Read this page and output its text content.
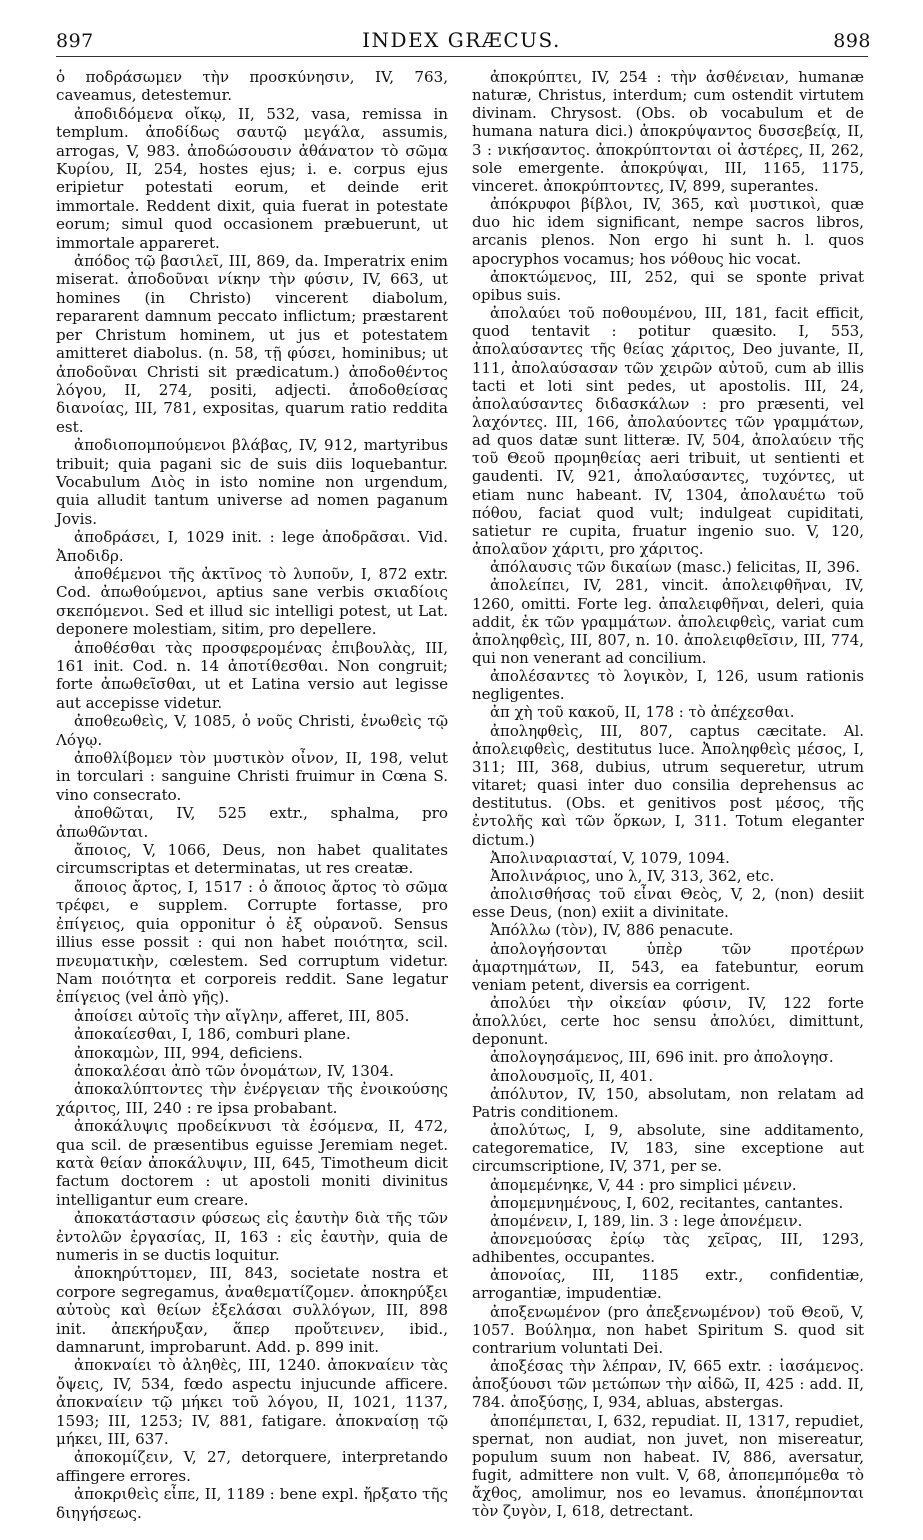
897	INDEX GRÆCUS.	898

ὁ ποδράσωμεν τὴν προσκύνησιν, IV, 763, caveamus, detestemur.

ἀποδιδόμενα οἴκῳ, II, 532, vasa, remissa in templum. ἀποδίδως σαυτῷ μεγάλα, assumis, arrogas, V, 983. ἀποδώσουσιν ἀθάνατον τὸ σῶμα Κυρίου, II, 254, hostes ejus; i. e. corpus ejus eripietur potestati eorum, et deinde erit immortale. Reddent dixit, quia fuerat in potestate eorum; simul quod occasionem præbuerunt, ut immortale appareret.

ἀπόδος τῷ βασιλεῖ, III, 869, da. Imperatrix enim miserat. ἀποδοῦναι νίκην τὴν φύσιν, IV, 663, ut homines (in Christo) vincerent diabolum, repararent damnum peccato inflictum; præstarent per Christum hominem, ut jus et potestatem amitteret diabolus. (n. 58, τῇ φύσει, hominibus; ut ἀποδοῦναι Christi sit prædicatum.) ἀποδοθέντος λόγου, II, 274, positi, adjecti. ἀποδοθείσας διανοίας, III, 781, expositas, quarum ratio reddita est.

ἀποδιοπομπούμενοι βλάβας, IV, 912, martyribus tribuit; quia pagani sic de suis diis loquebantur. Vocabulum Διὸς in isto nomine non urgendum, quia alludit tantum universe ad nomen paganum Jovis.

ἀποδράσει, I, 1029 init. : lege ἀποδρᾶσαι. Vid. Ἀποδιδρ.

ἀποθέμενοι τῆς ἀκτῖνος τὸ λυποῦν, I, 872 extr. Cod. ἀπωθούμενοι, aptius sane verbis σκιαδίοις σκεπόμενοι. Sed et illud sic intelligi potest, ut Lat. deponere molestiam, sitim, pro depellere.

ἀποθέσθαι τὰς προσφερομένας ἐπιβουλὰς, III, 161 init. Cod. n. 14 ἀποτίθεσθαι. Non congruit; forte ἀπωθεῖσθαι, ut et Latina versio aut legisse aut accepisse videtur.

ἀποθεωθεὶς, V, 1085, ὁ νοῦς Christi, ἑνωθεὶς τῷ Λόγῳ.

ἀποθλίβομεν τὸν μυστικὸν οἶνον, II, 198, velut in torculari : sanguine Christi fruimur in Cœna S. vino consecrato.

ἀποθῶται, IV, 525 extr., sphalma, pro ἀπωθῶνται.

ἄποιος, V, 1066, Deus, non habet qualitates circumscriptas et determinatas, ut res creatæ.

ἄποιος ἄρτος, I, 1517 : ὁ ἄποιος ἄρτος τὸ σῶμα τρέφει, e supplem. Corrupte fortasse, pro ἐπίγειος, quia opponitur ὁ ἐξ οὐρανοῦ. Sensus illius esse possit : qui non habet ποιότητα, scil. πνευματικὴν, cœlestem. Sed corruptum videtur. Nam ποιότητα et corporeis reddit. Sane legatur ἐπίγειος (vel ἀπὸ γῆς).

ἀποίσει αὐτοῖς τὴν αἴγλην, afferet, III, 805.

ἀποκαίεσθαι, I, 186, comburi plane.

ἀποκαμὼν, III, 994, deficiens.

ἀποκαλέσαι ἀπὸ τῶν ὀνομάτων, IV, 1304.

ἀποκαλύπτοντες τὴν ἐνέργειαν τῆς ἐνοικούσης χάριτος, III, 240 : re ipsa probabant.

ἀποκάλυψις προδείκνυσι τὰ ἐσόμενα, II, 472, qua scil. de præsentibus eguisse Jeremiam neget. κατὰ θείαν ἀποκάλυψιν, III, 645, Timotheum dicit factum doctorem : ut apostoli moniti divinitus intelligantur eum creare.

ἀποκατάστασιν φύσεως εἰς ἑαυτὴν διὰ τῆς τῶν ἐντολῶν ἐργασίας, II, 163 : εἰς ἑαυτὴν, quia de numeris in se ductis loquitur.

ἀποκηρύττομεν, III, 843, societate nostra et corpore segregamus, ἀναθεματίζομεν. ἀποκηρύξει αὐτοὺς καὶ θείων ἐξελάσαι συλλόγων, III, 898 init. ἀπεκήρυξαν, ἅπερ προὔτεινεν, ibid., damnarunt, improbarunt. Add. p. 899 init.

ἀποκναίει τὸ ἀληθὲς, III, 1240. ἀποκναίειν τὰς ὄψεις, IV, 534, fœdo aspectu injucunde afficere. ἀποκναίειν τῷ μήκει τοῦ λόγου, II, 1021, 1137, 1593; III, 1253; IV, 881, fatigare. ἀποκναίσῃ τῷ μήκει, III, 637.

ἀποκομίζειν, V, 27, detorquere, interpretando affingere errores.

ἀποκριθεὶς εἶπε, II, 1189 : bene expl. ἤρξατο τῆς διηγήσεως.

ἀποκρύπτει, IV, 254 : τὴν ἀσθένειαν, humanæ naturæ, Christus, interdum; cum ostendit virtutem divinam. Chrysost. (Obs. ob vocabulum et de humana natura dici.) ἀποκρύψαντος δυσσεβείᾳ, II, 3 : νικήσαντος. ἀποκρύπτονται οἱ ἀστέρες, II, 262, sole emergente. ἀποκρύψαι, III, 1165, 1175, vinceret. ἀποκρύπτοντες, IV, 899, superantes.

ἀπόκρυφοι βίβλοι, IV, 365, καὶ μυστικοὶ, quæ duo hic idem significant, nempe sacros libros, arcanis plenos. Non ergo hi sunt h. l. quos apocryphos vocamus; hos νόθους hic vocat.

ἀποκτώμενος, III, 252, qui se sponte privat opibus suis.

ἀπολαύει τοῦ ποθουμένου, III, 181, facit efficit, quod tentavit : potitur quæsito. I, 553, ἀπολαύσαντες τῆς θείας χάριτος, Deo juvante, II, 111, ἀπολαύσασαν τῶν χειρῶν αὐτοῦ, cum ab illis tacti et loti sint pedes, ut apostolis. III, 24, ἀπολαύσαντες διδασκάλων : pro præsenti, vel λαχόντες. III, 166, ἀπολαύοντες τῶν γραμμάτων, ad quos datæ sunt litteræ. IV, 504, ἀπολαύειν τῆς τοῦ Θεοῦ προμηθείας aeri tribuit, ut sentienti et gaudenti. IV, 921, ἀπολαύσαντες, τυχόντες, ut etiam nunc habeant. IV, 1304, ἀπολαυέτω τοῦ πόθου, faciat quod vult; indulgeat cupiditati, satietur re cupita, fruatur ingenio suo. V, 120, ἀπολαῦον χάριτι, pro χάριτος.

ἀπόλαυσις τῶν δικαίων (masc.) felicitas, II, 396.

ἀπολείπει, IV, 281, vincit. ἀπολειφθῆναι, IV, 1260, omitti. Forte leg. ἀπαλειφθῆναι, deleri, quia addit, ἐκ τῶν γραμμάτων. ἀπολειφθεὶς, variat cum ἀποληφθεὶς, III, 807, n. 10. ἀπολειφθεῖσιν, III, 774, qui non venerant ad concilium.

ἀπολέσαντες τὸ λογικὸν, I, 126, usum rationis negligentes.

ἀπ χὴ τοῦ κακοῦ, II, 178 : τὸ ἀπέχεσθαι.

ἀποληφθεὶς, III, 807, captus cæcitate. Al. ἀπολειφθεὶς, destitutus luce. Ἀποληφθεὶς μέσος, I, 311; III, 368, dubius, utrum sequeretur, utrum vitaret; quasi inter duo consilia deprehensus ac destitutus. (Obs. et genitivos post μέσος, τῆς ἐντολῆς καὶ τῶν ὅρκων, I, 311. Totum eleganter dictum.)

Ἀπολιναριασταί, V, 1079, 1094.

Ἀπολινάριος, uno λ, IV, 313, 362, etc.

ἀπολισθήσας τοῦ εἶναι Θεὸς, V, 2, (non) desiit esse Deus, (non) exiit a divinitate.

Ἀπόλλω (τὸν), IV, 886 penacute.

ἀπολογήσονται ὑπὲρ τῶν προτέρων ἁμαρτημάτων, II, 543, ea fatebuntur, eorum veniam petent, diversis ea corrigent.

ἀπολύει τὴν οἰκείαν φύσιν, IV, 122 forte ἀπολλύει, certe hoc sensu ἀπολύει, dimittunt, deponunt.

ἀπολογησάμενος, III, 696 init. pro ἀπολογησ.

ἀπολουσμοῖς, II, 401.

ἀπόλυτον, IV, 150, absolutam, non relatam ad Patris conditionem.

ἀπολύτως, I, 9, absolute, sine additamento, categorematice, IV, 183, sine exceptione aut circumscriptione, IV, 371, per se.

ἀπομεμένηκε, V, 44 : pro simplici μένειν.

ἀπομεμνημένους, I, 602, recitantes, cantantes.

ἀπομένειν, I, 189, lin. 3 : lege ἀπονέμειν.

ἀπονεμούσας ἐρίῳ τὰς χεῖρας, III, 1293, adhibentes, occupantes.

ἀπονοίας, III, 1185 extr., confidentiæ, arrogantiæ, impudentiæ.

ἀποξενωμένον (pro ἀπεξενωμένον) τοῦ Θεοῦ, V, 1057. Βούλημα, non habet Spiritum S. quod sit contrarium voluntati Dei.

ἀποξέσας τὴν λέπραν, IV, 665 extr. : ἰασάμενος. ἀποξύουσι τῶν μετώπων τὴν αἰδῶ, II, 425 : add. II, 784. ἀποξύσῃς, I, 934, abluas, abstergas.

ἀποπέμπεται, I, 632, repudiat. II, 1317, repudiet, spernat, non audiat, non juvet, non misereatur, populum suum non habeat. IV, 886, aversatur, fugit, admittere non vult. V, 68, ἀποπεμπόμεθα τὸ ἄχθος, amolimur, nos eo levamus. ἀποπέμπονται τὸν ζυγὸν, I, 618, detrectant.
